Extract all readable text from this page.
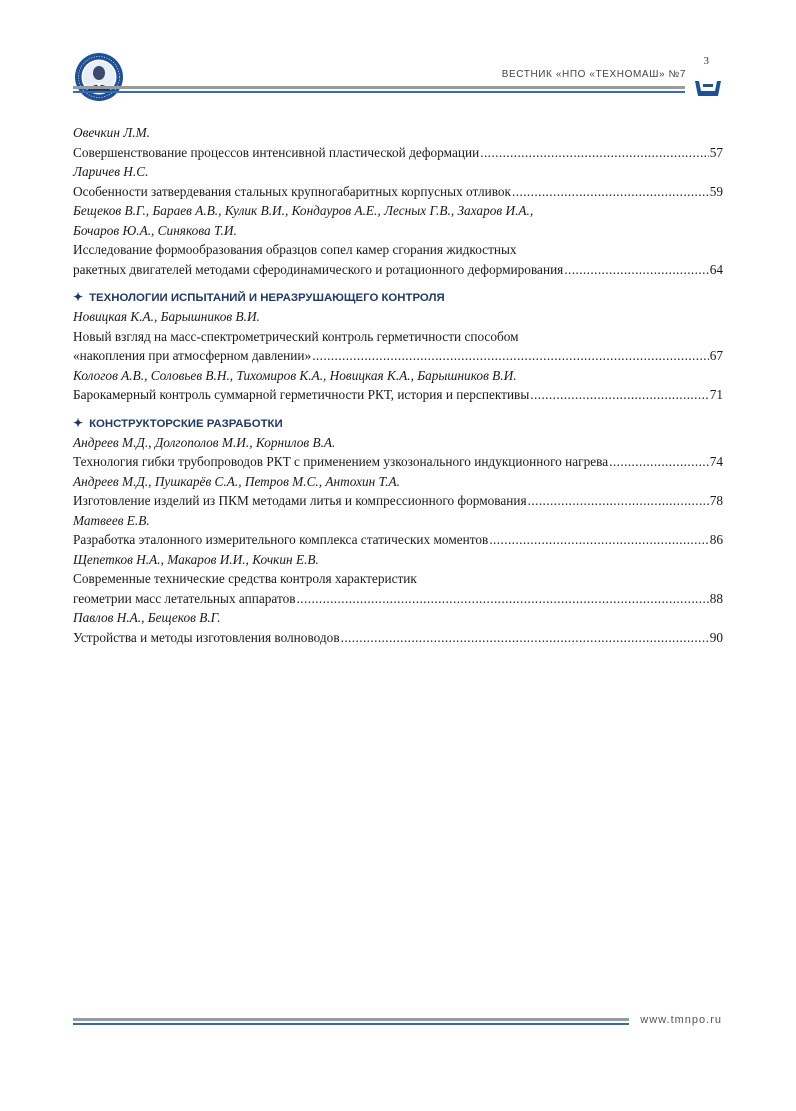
3
ВЕСТНИК «НПО «ТЕХНОМАШ» №7
Овечкин Л.М.
Совершенствование процессов интенсивной пластической деформации .....	57
Ларичев Н.С.
Особенности затвердевания стальных крупногабаритных корпусных отливок .....	59
Бещеков В.Г., Бараев А.В., Кулик В.И., Кондауров А.Е., Лесных Г.В., Захаров И.А.,
Бочаров Ю.А., Синякова Т.И.
Исследование формообразования образцов сопел камер сгорания жидкостных
ракетных двигателей методами сферодинамического и ротационного деформирования .....	64
✦ ТЕХНОЛОГИИ ИСПЫТАНИЙ И НЕРАЗРУШАЮЩЕГО КОНТРОЛЯ
Новицкая К.А., Барышников В.И.
Новый взгляд на масс-спектрометрический контроль герметичности способом
«накопления при атмосферном давлении» .....	67
Кологов А.В., Соловьев В.Н., Тихомиров К.А., Новицкая К.А., Барышников В.И.
Барокамерный контроль суммарной герметичности РКТ, история и перспективы .....	71
✦ КОНСТРУКТОРСКИЕ РАЗРАБОТКИ
Андреев М.Д., Долгополов М.И., Корнилов В.А.
Технология гибки трубопроводов РКТ с применением узкозонального индукционного нагрева .....	74
Андреев М.Д., Пушкарёв С.А., Петров М.С., Антохин Т.А.
Изготовление изделий из ПКМ методами литья и компрессионного формования .....	78
Матвеев Е.В.
Разработка эталонного измерительного комплекса статических моментов .....	86
Щепетков Н.А., Макаров И.И., Кочкин Е.В.
Современные технические средства контроля характеристик
геометрии масс летательных аппаратов .....	88
Павлов Н.А., Бещеков В.Г.
Устройства и методы изготовления волноводов .....	90
www.tmnpo.ru
